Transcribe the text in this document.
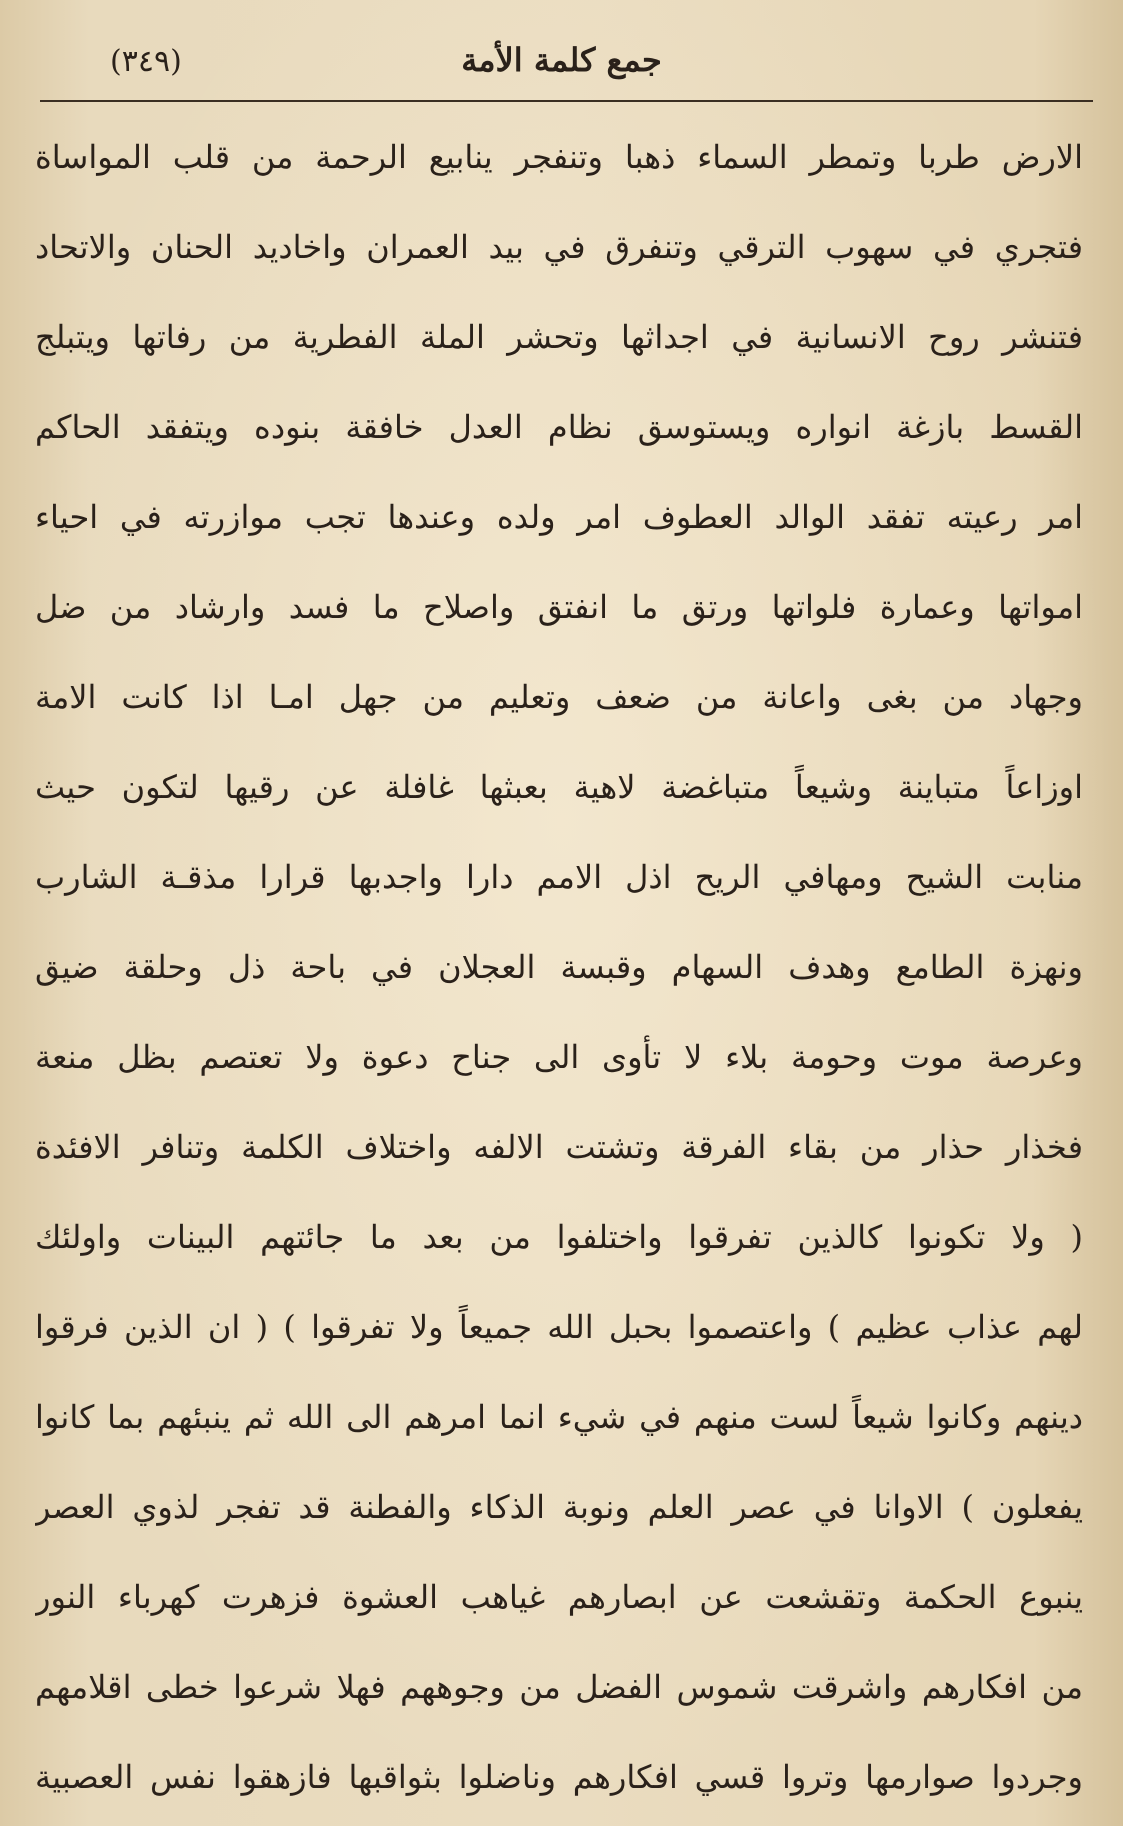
(٣٤٩)	جمع كلمة الأمة
الارض طربا وتمطر السماء ذهبا وتنفجر ينابيع الرحمة من قلب المواساة
فتجري في سهوب الترقي وتنفرق في بيد العمران واخاديد الحنان والاتحاد
فتنشر روح الانسانية في اجداثها وتحشر الملة الفطرية من رفاتها ويتبلج
القسط بازغة انواره ويستوسق نظام العدل خافقة بنوده ويتفقد الحاكم
امر رعيته تفقد الوالد العطوف امر ولده وعندها تجب موازرته في احياء
امواتها وعمارة فلواتها ورتق ما انفتق واصلاح ما فسد وارشاد من ضل
وجهاد من بغى واعانة من ضعف وتعليم من جهل امـا اذا كانت الامة
اوزاعاً متباينة وشيعاً متباغضة لاهية بعبثها غافلة عن رقيها لتكون حيث
منابت الشيح ومهافي الريح اذل الامم دارا واجدبها قرارا مذقـة الشارب
ونهزة الطامع وهدف السهام وقبسة العجلان في باحة ذل وحلقة ضيق
وعرصة موت وحومة بلاء لا تأوى الى جناح دعوة ولا تعتصم بظل منعة
فخذار حذار من بقاء الفرقة وتشتت الالفه واختلاف الكلمة وتنافر الافئدة
( ولا تكونوا كالذين تفرقوا واختلفوا من بعد ما جائتهم البينات واولئك
لهم عذاب عظيم ) واعتصموا بحبل الله جميعاً ولا تفرقوا ) ( ان الذين فرقوا
دينهم وكانوا شيعاً لست منهم في شيء انما امرهم الى الله ثم ينبئهم بما كانوا
يفعلون ) الاوانا في عصر العلم ونوبة الذكاء والفطنة قد تفجر لذوي العصر
ينبوع الحكمة وتقشعت عن ابصارهم غياهب العشوة فزهرت كهرباء النور
من افكارهم واشرقت شموس الفضل من وجوههم فهلا شرعوا خطى اقلامهم
وجردوا صوارمها وتروا قسي افكارهم وناضلوا بثواقبها فازهقوا نفس العصبية
